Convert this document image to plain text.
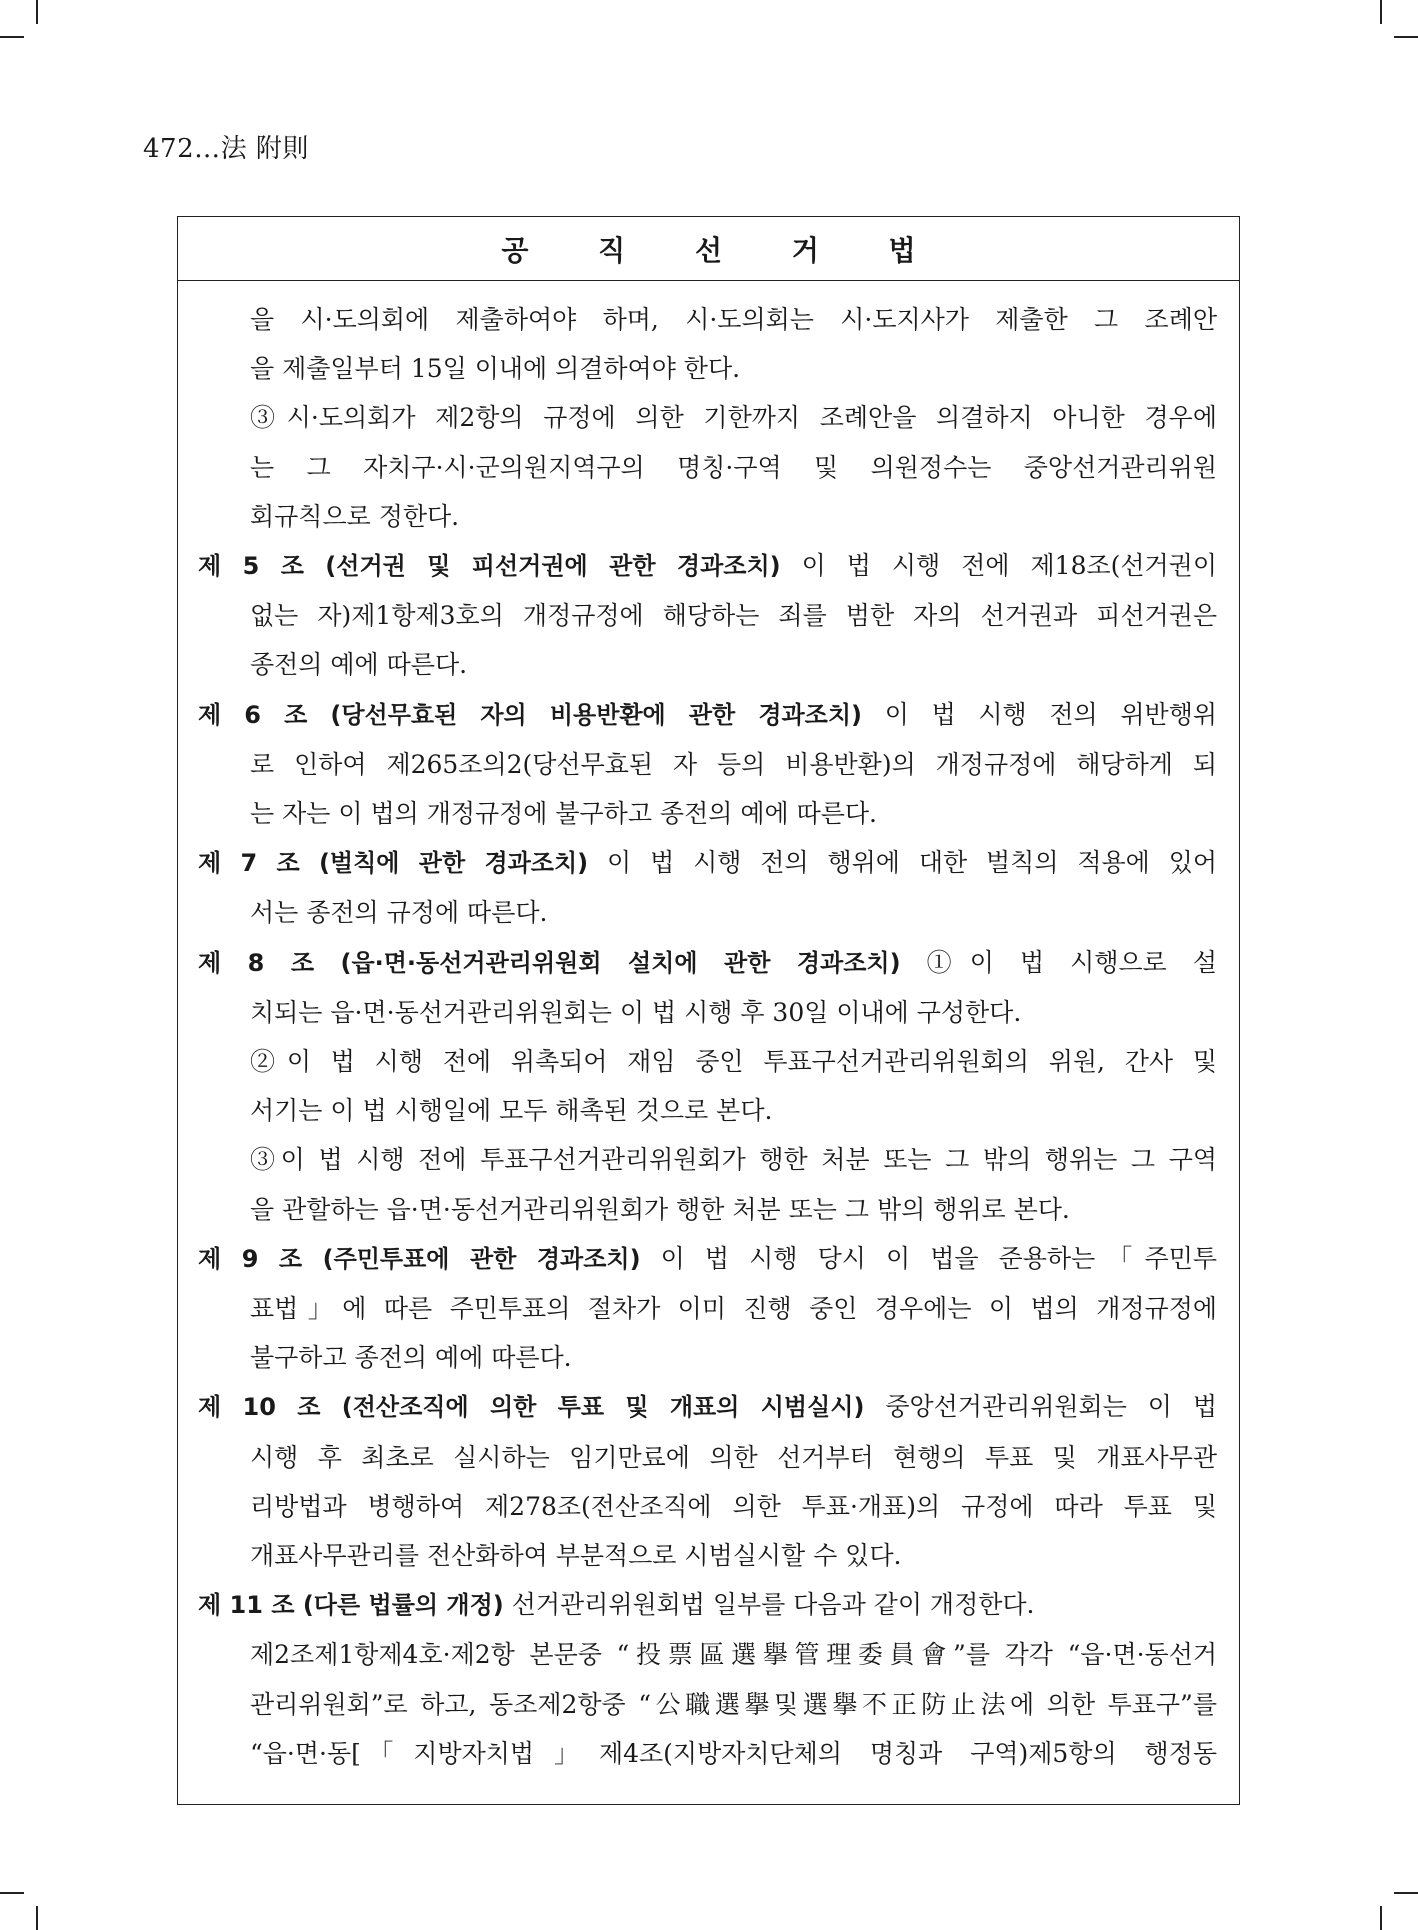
472…法 附則
공 직 선 거 법
을 시·도의회에 제출하여야 하며, 시·도의회는 시·도지사가 제출한 그 조례안
을 제출일부터 15일 이내에 의결하여야 한다.
③시·도의회가 제2항의 규정에 의한 기한까지 조례안을 의결하지 아니한 경우에
는 그 자치구·시·군의원지역구의 명칭·구역 및 의원정수는 중앙선거관리위원
회규칙으로 정한다.
제 5 조 (선거권 및 피선거권에 관한 경과조치) 이 법 시행 전에 제18조(선거권이
없는 자)제1항제3호의 개정규정에 해당하는 죄를 범한 자의 선거권과 피선거권은
종전의 예에 따른다.
제 6 조 (당선무효된 자의 비용반환에 관한 경과조치) 이 법 시행 전의 위반행위
로 인하여 제265조의2(당선무효된 자 등의 비용반환)의 개정규정에 해당하게 되
는 자는 이 법의 개정규정에 불구하고 종전의 예에 따른다.
제 7 조 (벌칙에 관한 경과조치) 이 법 시행 전의 행위에 대한 벌칙의 적용에 있어
서는 종전의 규정에 따른다.
제 8 조 (읍·면·동선거관리위원회 설치에 관한 경과조치) ①이 법 시행으로 설
치되는 읍·면·동선거관리위원회는 이 법 시행 후 30일 이내에 구성한다.
②이 법 시행 전에 위촉되어 재임 중인 투표구선거관리위원회의 위원, 간사 및
서기는 이 법 시행일에 모두 해촉된 것으로 본다.
③이 법 시행 전에 투표구선거관리위원회가 행한 처분 또는 그 밖의 행위는 그 구역
을 관할하는 읍·면·동선거관리위원회가 행한 처분 또는 그 밖의 행위로 본다.
제 9 조 (주민투표에 관한 경과조치) 이 법 시행 당시 이 법을 준용하는「주민투
표법」에 따른 주민투표의 절차가 이미 진행 중인 경우에는 이 법의 개정규정에
불구하고 종전의 예에 따른다.
제 10 조 (전산조직에 의한 투표 및 개표의 시범실시) 중앙선거관리위원회는 이 법
시행 후 최초로 실시하는 임기만료에 의한 선거부터 현행의 투표 및 개표사무관
리방법과 병행하여 제278조(전산조직에 의한 투표·개표)의 규정에 따라 투표 및
개표사무관리를 전산화하여 부분적으로 시범실시할 수 있다.
제 11 조 (다른 법률의 개정) 선거관리위원회법 일부를 다음과 같이 개정한다.
제2조제1항제4호·제2항 본문중 “投票區選擧管理委員會”를 각각 “읍·면·동선거
관리위원회”로 하고, 동조제2항중 “公職選擧및選擧不正防止法에 의한 투표구”를
“읍·면·동[「지방자치법」제4조(지방자치단체의 명칭과 구역)제5항의 행정동
